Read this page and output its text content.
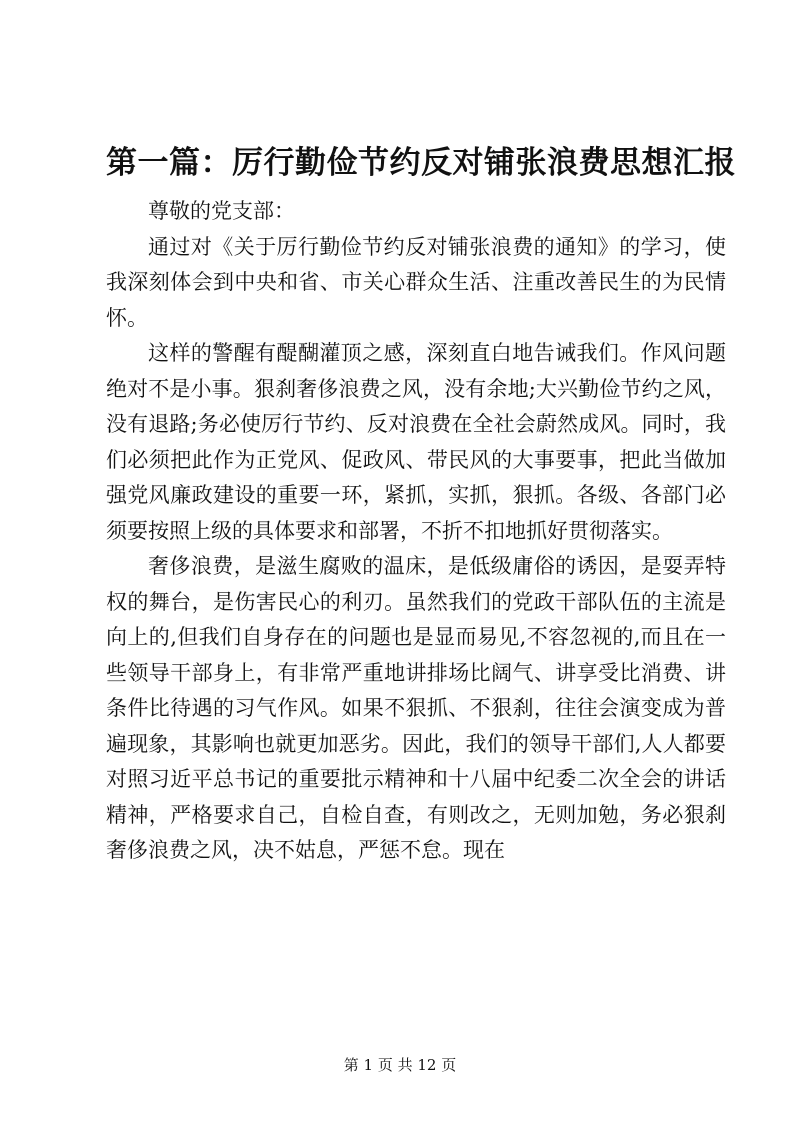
第一篇：厉行勤俭节约反对铺张浪费思想汇报

尊敬的党支部：

通过对《关于厉行勤俭节约反对铺张浪费的通知》的学习，使我深刻体会到中央和省、市关心群众生活、注重改善民生的为民情怀。

这样的警醒有醍醐灌顶之感，深刻直白地告诫我们。作风问题绝对不是小事。狠刹奢侈浪费之风，没有余地;大兴勤俭节约之风，没有退路;务必使厉行节约、反对浪费在全社会蔚然成风。同时，我们必须把此作为正党风、促政风、带民风的大事要事，把此当做加强党风廉政建设的重要一环，紧抓，实抓，狠抓。各级、各部门必须要按照上级的具体要求和部署，不折不扣地抓好贯彻落实。

奢侈浪费，是滋生腐败的温床，是低级庸俗的诱因，是耍弄特权的舞台，是伤害民心的利刃。虽然我们的党政干部队伍的主流是向上的,但我们自身存在的问题也是显而易见,不容忽视的,而且在一些领导干部身上，有非常严重地讲排场比阔气、讲享受比消费、讲条件比待遇的习气作风。如果不狠抓、不狠刹，往往会演变成为普遍现象，其影响也就更加恶劣。因此，我们的领导干部们,人人都要对照习近平总书记的重要批示精神和十八届中纪委二次全会的讲话精神，严格要求自己，自检自查，有则改之，无则加勉，务必狠刹奢侈浪费之风，决不姑息，严惩不怠。现在

第 1 页 共 12 页
